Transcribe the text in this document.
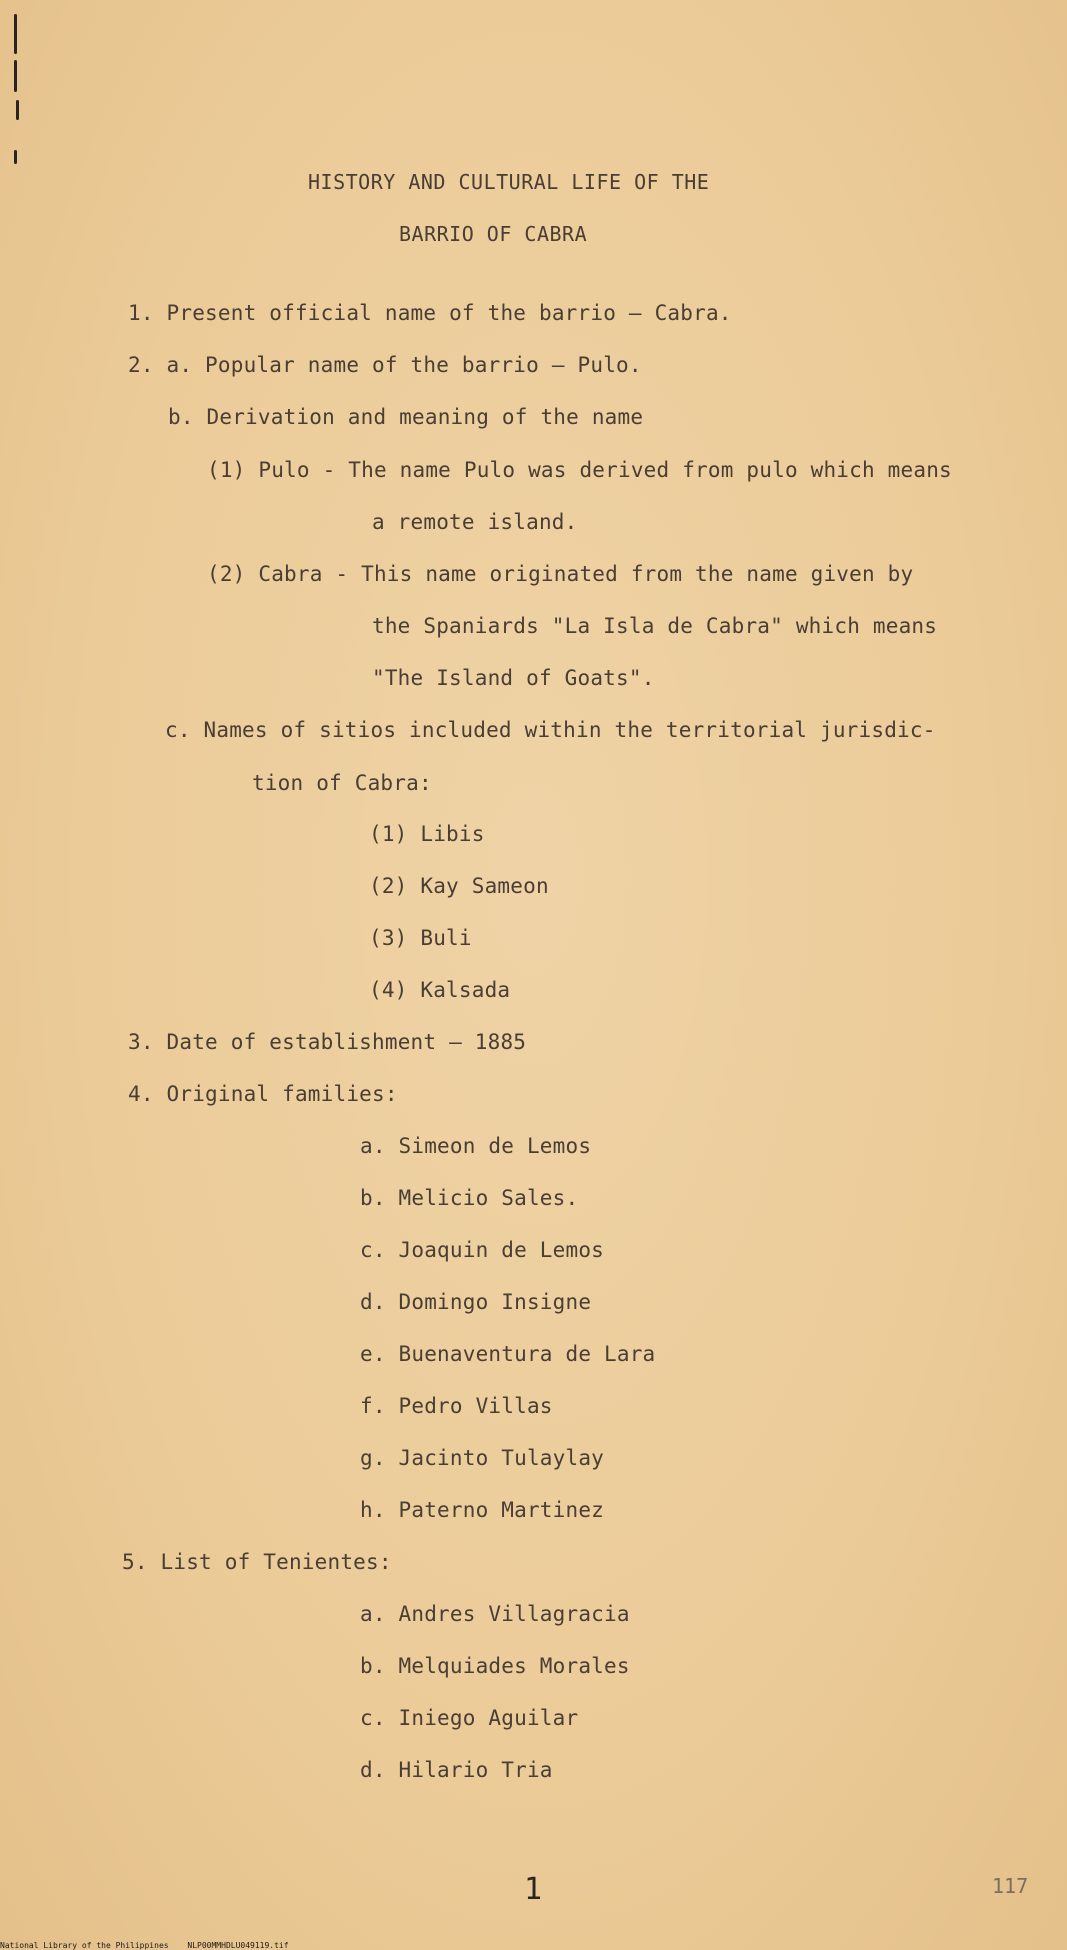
HISTORY AND CULTURAL LIFE OF THE
BARRIO OF CABRA
1. Present official name of the barrio — Cabra.
2. a. Popular name of the barrio — Pulo.
b. Derivation and meaning of the name
(1) Pulo - The name Pulo was derived from pulo which means
a remote island.
(2) Cabra - This name originated from the name given by
the Spaniards "La Isla de Cabra" which means
"The Island of Goats".
c. Names of sitios included within the territorial jurisdic-
tion of Cabra:
(1) Libis
(2) Kay Sameon
(3) Buli
(4) Kalsada
3. Date of establishment — 1885
4. Original families:
a. Simeon de Lemos
b. Melicio Sales.
c. Joaquin de Lemos
d. Domingo Insigne
e. Buenaventura de Lara
f. Pedro Villas
g. Jacinto Tulaylay
h. Paterno Martinez
5. List of Tenientes:
a. Andres Villagracia
b. Melquiades Morales
c. Iniego Aguilar
d. Hilario Tria
1	117
National Library of the Philippines NLP00MMHDLU049119.tif
